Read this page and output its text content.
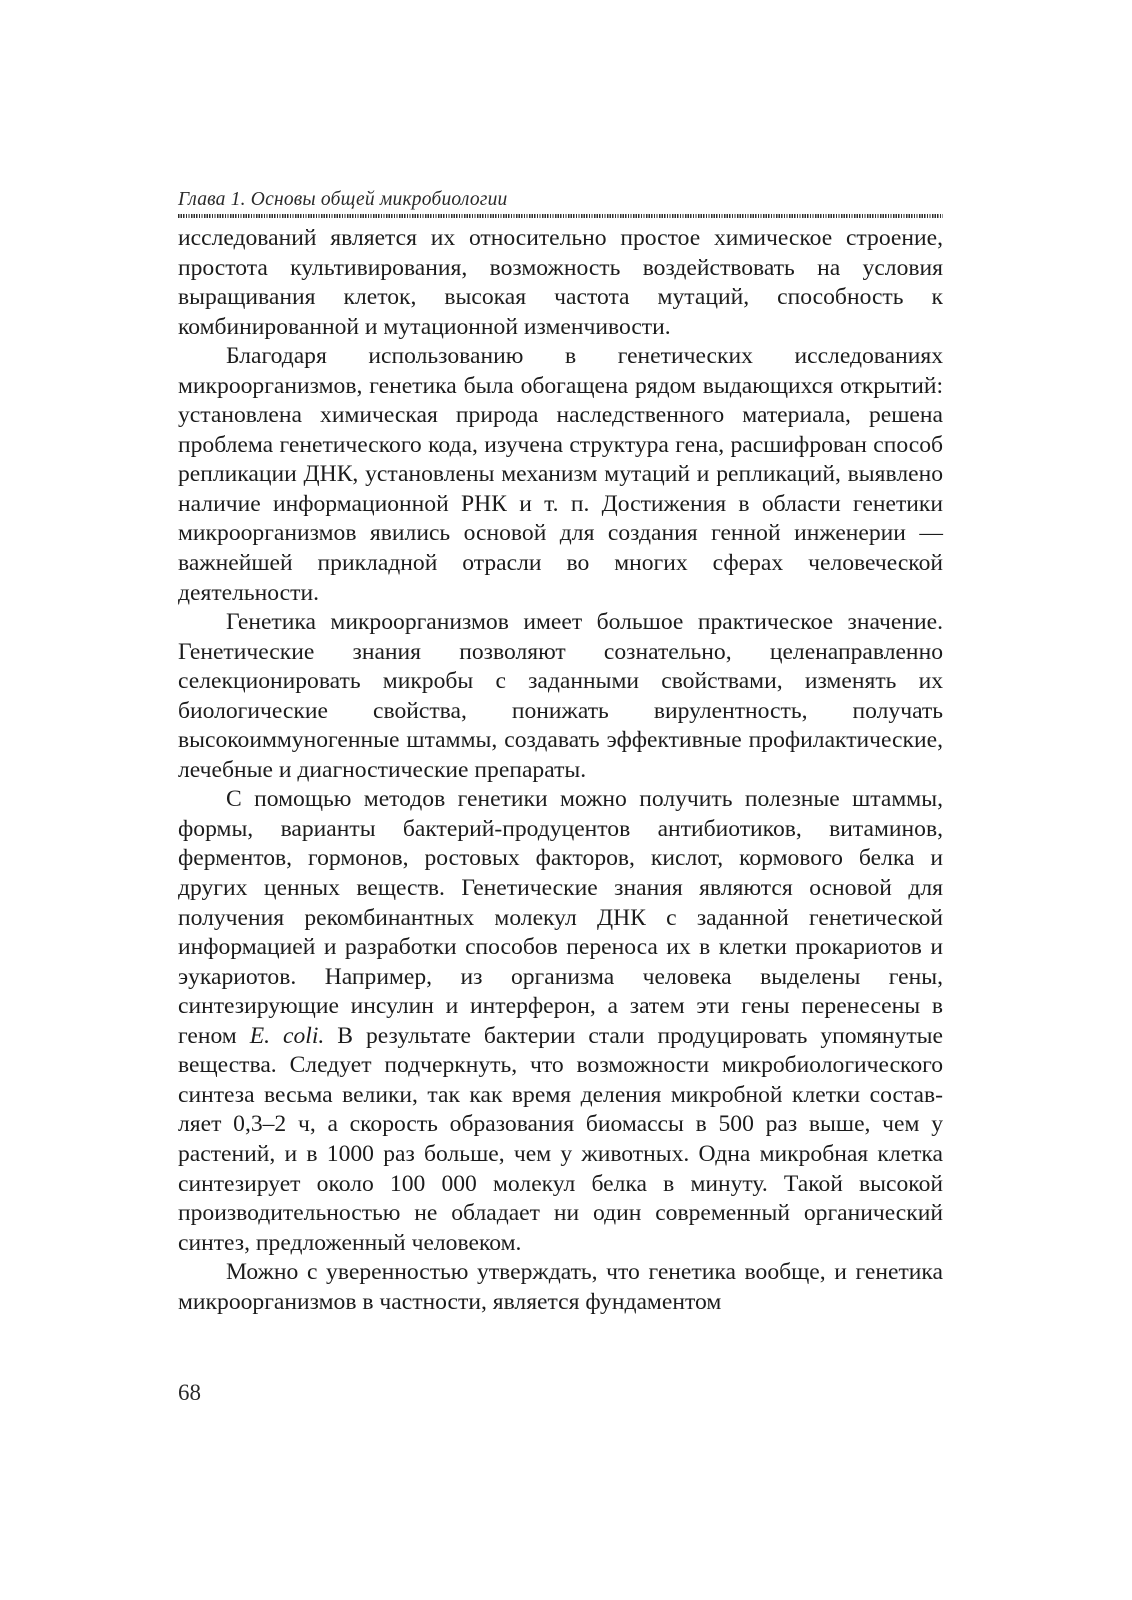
Глава 1. Основы общей микробиологии

исследований является их относительно простое химическое строение, простота культивирования, возможность воздействовать на условия выращивания клеток, высокая частота мутаций, способность к комбинированной и мутационной изменчивости.

Благодаря использованию в генетических исследованиях микроорганизмов, генетика была обогащена рядом выдающихся открытий: установлена химическая природа наследственного материала, решена проблема генетического кода, изучена структура гена, расшифрован способ репликации ДНК, установлены механизм мутаций и репликаций, выявлено наличие информационной РНК и т. п. Достижения в области генетики микроорганизмов явились основой для создания генной инженерии — важнейшей прикладной отрасли во многих сферах человеческой деятельности.

Генетика микроорганизмов имеет большое практическое значение. Генетические знания позволяют сознательно, целенаправленно селекционировать микробы с заданными свойствами, изменять их биологические свойства, понижать вирулентность, получать высокоиммуногенные штаммы, создавать эффективные профилактические, лечебные и диагностические препараты.

С помощью методов генетики можно получить полезные штаммы, формы, варианты бактерий-продуцентов антибиотиков, витаминов, ферментов, гормонов, ростовых факторов, кислот, кормового белка и других ценных веществ. Генетические знания являются основой для получения рекомбинантных молекул ДНК с заданной генетической информацией и разработки способов переноса их в клетки прокариотов и эукариотов. Например, из организма человека выделены гены, синтезирующие инсулин и интерферон, а затем эти гены перенесены в геном E. coli. В результате бактерии стали продуцировать упомянутые вещества. Следует подчеркнуть, что возможности микробиологического синтеза весьма велики, так как время деления микробной клетки составляет 0,3–2 ч, а скорость образования биомассы в 500 раз выше, чем у растений, и в 1000 раз больше, чем у животных. Одна микробная клетка синтезирует около 100 000 молекул белка в минуту. Такой высокой производительностью не обладает ни один современный органический синтез, предложенный человеком.

Можно с уверенностью утверждать, что генетика вообще, и генетика микроорганизмов в частности, является фундаментом

68
